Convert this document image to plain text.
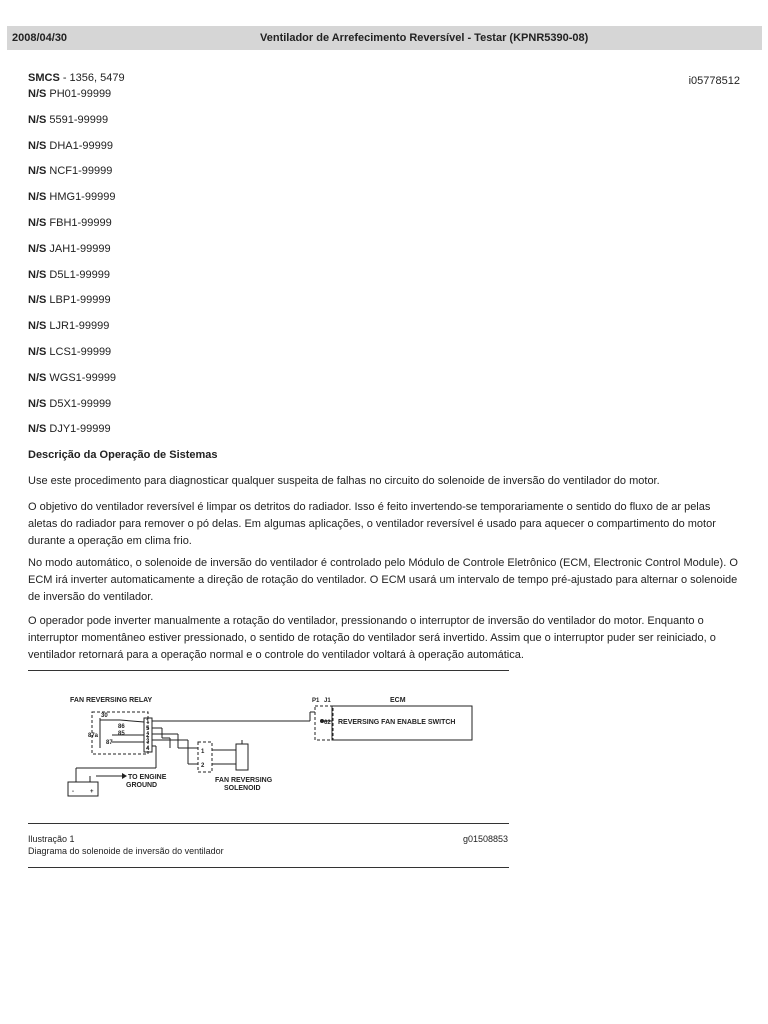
2008/04/30	Ventilador de Arrefecimento Reversível - Testar (KPNR5390-08)
SMCS - 1356, 5479	i05778512
N/S PH01-99999
N/S 5591-99999
N/S DHA1-99999
N/S NCF1-99999
N/S HMG1-99999
N/S FBH1-99999
N/S JAH1-99999
N/S D5L1-99999
N/S LBP1-99999
N/S LJR1-99999
N/S LCS1-99999
N/S WGS1-99999
N/S D5X1-99999
N/S DJY1-99999
Descrição da Operação de Sistemas
Use este procedimento para diagnosticar qualquer suspeita de falhas no circuito do solenoide de inversão do ventilador do motor.
O objetivo do ventilador reversível é limpar os detritos do radiador. Isso é feito invertendo-se temporariamente o sentido do fluxo de ar pelas aletas do radiador para remover o pó delas. Em algumas aplicações, o ventilador reversível é usado para aquecer o compartimento do motor durante a operação em clima frio.
No modo automático, o solenoide de inversão do ventilador é controlado pelo Módulo de Controle Eletrônico (ECM, Electronic Control Module). O ECM irá inverter automaticamente a direção de rotação do ventilador. O ECM usará um intervalo de tempo pré-ajustado para alternar o solenoide de inversão do ventilador.
O operador pode inverter manualmente a rotação do ventilador, pressionando o interruptor de inversão do ventilador do motor. Enquanto o interruptor momentâneo estiver pressionado, o sentido de rotação do ventilador será invertido. Assim que o interruptor puder ser reiniciado, o ventilador retornará para a operação normal e o controle do ventilador voltará à operação automática.
FAN REVERSING RELAY
30
86
87a	85
87
1
5
2
3
4
-	+
TO ENGINE
GROUND
1
2
FAN REVERSING
SOLENOID
ECM
P1 J1
62 REVERSING FAN ENABLE SWITCH
Ilustração 1
Diagrama do solenoide de inversão do ventilador
g01508853
